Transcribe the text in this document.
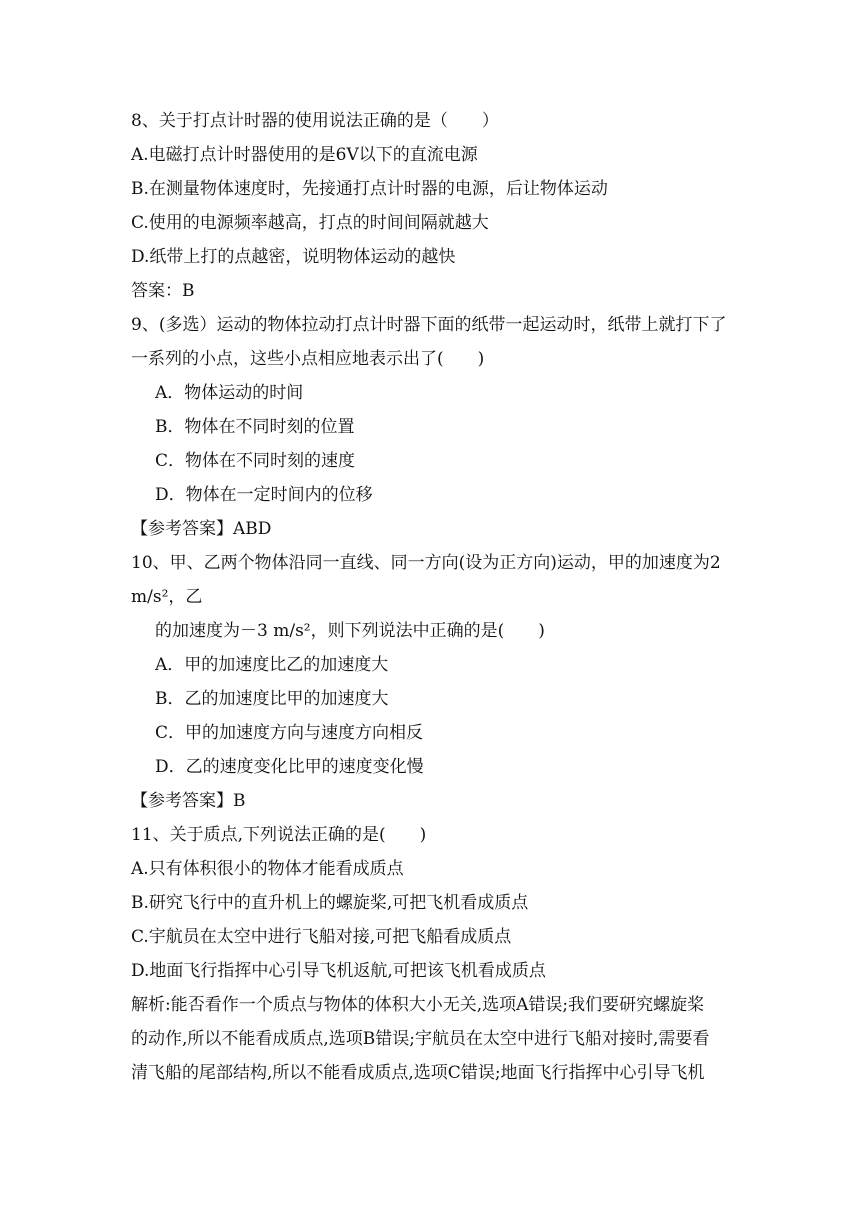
8、关于打点计时器的使用说法正确的是（　　）
A.电磁打点计时器使用的是6V以下的直流电源
B.在测量物体速度时，先接通打点计时器的电源，后让物体运动
C.使用的电源频率越高，打点的时间间隔就越大
D.纸带上打的点越密，说明物体运动的越快
答案：B
9、(多选）运动的物体拉动打点计时器下面的纸带一起运动时，纸带上就打下了
一系列的小点，这些小点相应地表示出了(　　)
A．物体运动的时间
B．物体在不同时刻的位置
C．物体在不同时刻的速度
D．物体在一定时间内的位移
【参考答案】ABD
10、甲、乙两个物体沿同一直线、同一方向(设为正方向)运动，甲的加速度为2
m/s²，乙
的加速度为－3 m/s²，则下列说法中正确的是(　　)
A．甲的加速度比乙的加速度大
B．乙的加速度比甲的加速度大
C．甲的加速度方向与速度方向相反
D．乙的速度变化比甲的速度变化慢
【参考答案】B
11、关于质点,下列说法正确的是(　　)
A.只有体积很小的物体才能看成质点
B.研究飞行中的直升机上的螺旋桨,可把飞机看成质点
C.宇航员在太空中进行飞船对接,可把飞船看成质点
D.地面飞行指挥中心引导飞机返航,可把该飞机看成质点
解析:能否看作一个质点与物体的体积大小无关,选项A错误;我们要研究螺旋桨
的动作,所以不能看成质点,选项B错误;宇航员在太空中进行飞船对接时,需要看
清飞船的尾部结构,所以不能看成质点,选项C错误;地面飞行指挥中心引导飞机
